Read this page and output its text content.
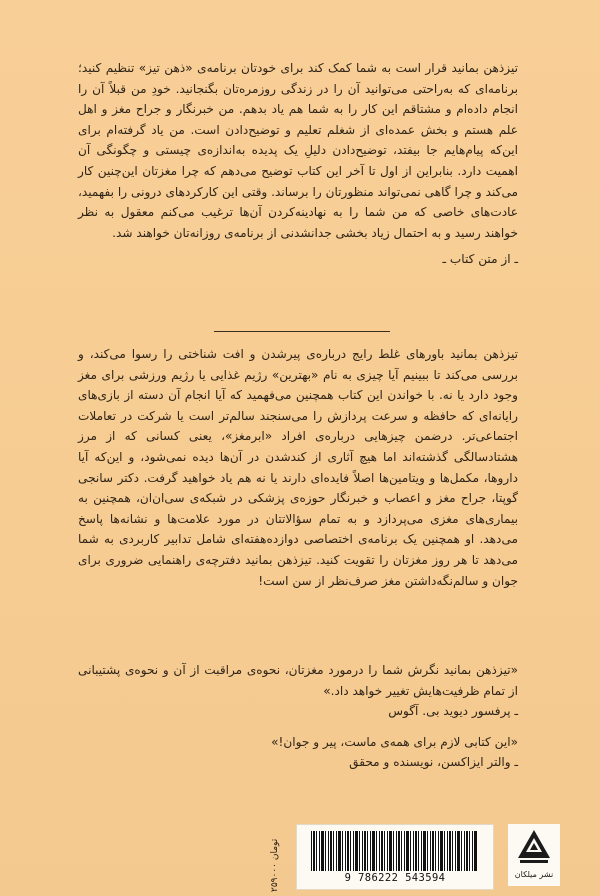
تیزذهن بمانید قرار است به شما کمک کند برای خودتان برنامه‌ی «ذهن تیز» تنظیم کنید؛ برنامه‌ای که به‌راحتی می‌توانید آن را در زندگی روزمره‌تان بگنجانید. خودِ من قبلاً آن را انجام داده‌ام و مشتاقم این کار را به شما هم یاد بدهم. من خبرنگار و جراح مغز و اهل علم هستم و بخش عمده‌ای از شغلم تعلیم و توضیح‌دادن است. من یاد گرفته‌ام برای این‌که پیام‌هایم جا بیفتد، توضیح‌دادن دلیلِ یک پدیده به‌اندازه‌ی چیستی و چگونگی آن اهمیت دارد. بنابراین از اول تا آخر این کتاب توضیح می‌دهم که چرا مغزتان این‌چنین کار می‌کند و چرا گاهی نمی‌تواند منظورتان را برساند. وقتی این کارکردهای درونی را بفهمید، عادت‌های خاصی که من شما را به نهادینه‌کردن آن‌ها ترغیب می‌کنم معقول به نظر خواهند رسید و به احتمال زیاد بخشی جدانشدنی از برنامه‌ی روزانه‌تان خواهند شد.

ـ از متن کتاب ـ

تیزذهن بمانید باورهای غلط رایج درباره‌ی پیرشدن و افت شناختی را رسوا می‌کند، و بررسی می‌کند تا ببینیم آیا چیزی به نام «بهترین» رژیم غذایی یا رژیم ورزشی برای مغز وجود دارد یا نه. با خواندن این کتاب همچنین می‌فهمید که آیا انجام آن دسته از بازی‌های رایانه‌ای که حافظه و سرعت پردازش را می‌سنجند سالم‌تر است یا شرکت در تعاملات اجتماعی‌تر. درضمن چیزهایی درباره‌ی افراد «ابرمغز»، یعنی کسانی که از مرز هشتادسالگی گذشته‌اند اما هیچ آثاری از کندشدن در آن‌ها دیده نمی‌شود، و این‌که آیا داروها، مکمل‌ها و ویتامین‌ها اصلاً فایده‌ای دارند یا نه هم یاد خواهید گرفت. دکتر سانجی گوپتا، جراح مغز و اعصاب و خبرنگار حوزه‌ی پزشکی در شبکه‌ی سی‌ان‌ان، همچنین به بیماری‌های مغزی می‌پردازد و به تمام سؤالاتتان در مورد علامت‌ها و نشانه‌ها پاسخ می‌دهد. او همچنین یک برنامه‌ی اختصاصی دوازده‌هفته‌ای شامل تدابیر کاربردی به شما می‌دهد تا هر روز مغزتان را تقویت کنید. تیزذهن بمانید دفترچه‌ی راهنمایی ضروری برای جوان و سالم‌نگه‌داشتن مغز صرف‌نظر از سن است!

«تیزذهن بمانید نگرش شما را درمورد مغزتان، نحوه‌ی مراقبت از آن و نحوه‌ی پشتیبانی از تمام ظرفیت‌هایش تغییر خواهد داد.»

ـ پرفسور دیوید بی. آگوس

«این کتابی لازم برای همه‌ی ماست، پیر و جوان!»

ـ والتر ایزاکسن، نویسنده و محقق

۲۵۹۰۰۰ تومان
9 786222 543594	نشر میلکان
